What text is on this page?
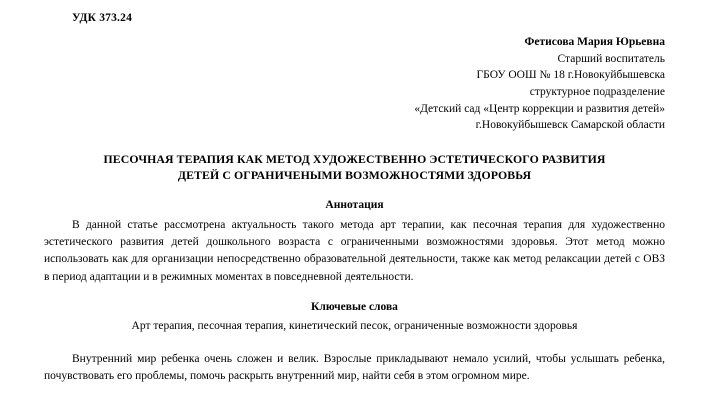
УДК 373.24
Фетисова Мария Юрьевна
Старший воспитатель
ГБОУ ООШ № 18 г.Новокуйбышевска
структурное подразделение
«Детский сад «Центр коррекции и развития детей»
г.Новокуйбышевск Самарской области
ПЕСОЧНАЯ ТЕРАПИЯ КАК МЕТОД ХУДОЖЕСТВЕННО ЭСТЕТИЧЕСКОГО РАЗВИТИЯ
ДЕТЕЙ С ОГРАНИЧЕНЫМИ ВОЗМОЖНОСТЯМИ ЗДОРОВЬЯ
Аннотация
В данной статье рассмотрена актуальность такого метода арт терапии, как песочная терапия для художественно эстетического развития детей дошкольного возраста с ограниченными возможностями здоровья. Этот метод можно использовать как для организации непосредственно образовательной деятельности, также как метод релаксации детей с ОВЗ в период адаптации и в режимных моментах в повседневной деятельности.
Ключевые слова
Арт терапия, песочная терапия, кинетический песок, ограниченные возможности здоровья
Внутренний мир ребенка очень сложен и велик. Взрослые прикладывают немало усилий, чтобы услышать ребенка, почувствовать его проблемы, помочь раскрыть внутренний мир, найти себя в этом огромном мире.
